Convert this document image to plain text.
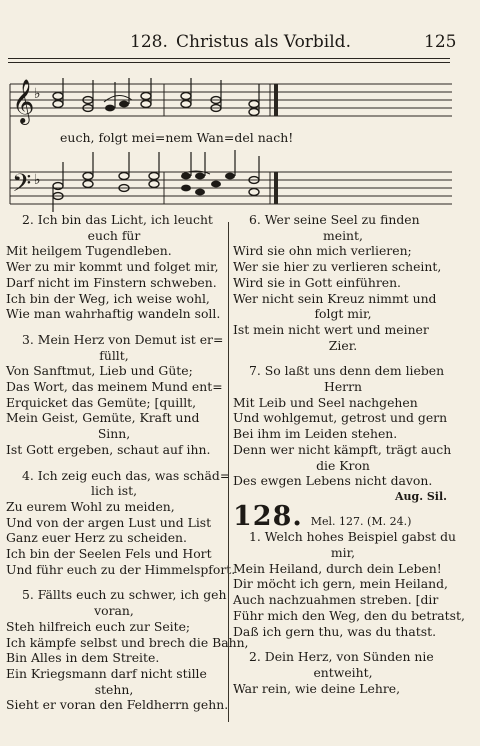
128. Christus als Vorbild.	125
𝄞
𝄢
♭
♭
euch, folgt mei=nem Wan=del nach!
2. Ich bin das Licht, ich leucht
euch für
Mit heilgem Tugendleben.
Wer zu mir kommt und folget mir,
Darf nicht im Finstern schweben.
Ich bin der Weg, ich weise wohl,
Wie man wahrhaftig wandeln soll.
3. Mein Herz von Demut ist er=
füllt,
Von Sanftmut, Lieb und Güte;
Das Wort, das meinem Mund ent=
Erquicket das Gemüte; [quillt,
Mein Geist, Gemüte, Kraft und
Sinn,
Ist Gott ergeben, schaut auf ihn.
4. Ich zeig euch das, was schäd=
lich ist,
Zu eurem Wohl zu meiden,
Und von der argen Lust und List
Ganz euer Herz zu scheiden.
Ich bin der Seelen Fels und Hort
Und führ euch zu der Himmelspfort.
5. Fällts euch zu schwer, ich geh
voran,
Steh hilfreich euch zur Seite;
Ich kämpfe selbst und brech die Bahn,
Bin Alles in dem Streite.
Ein Kriegsmann darf nicht stille
stehn,
Sieht er voran den Feldherrn gehn.
6. Wer seine Seel zu finden
meint,
Wird sie ohn mich verlieren;
Wer sie hier zu verlieren scheint,
Wird sie in Gott einführen.
Wer nicht sein Kreuz nimmt und
folgt mir,
Ist mein nicht wert und meiner
Zier.
7. So laßt uns denn dem lieben
Herrn
Mit Leib und Seel nachgehen
Und wohlgemut, getrost und gern
Bei ihm im Leiden stehen.
Denn wer nicht kämpft, trägt auch
die Kron
Des ewgen Lebens nicht davon.
Aug. Sil.
128. Mel. 127. (M. 24.)
1. Welch hohes Beispiel gabst du
mir,
Mein Heiland, durch dein Leben!
Dir möcht ich gern, mein Heiland,
Auch nachzuahmen streben. [dir
Führ mich den Weg, den du betratst,
Daß ich gern thu, was du thatst.
2. Dein Herz, von Sünden nie
entweiht,
War rein, wie deine Lehre,
